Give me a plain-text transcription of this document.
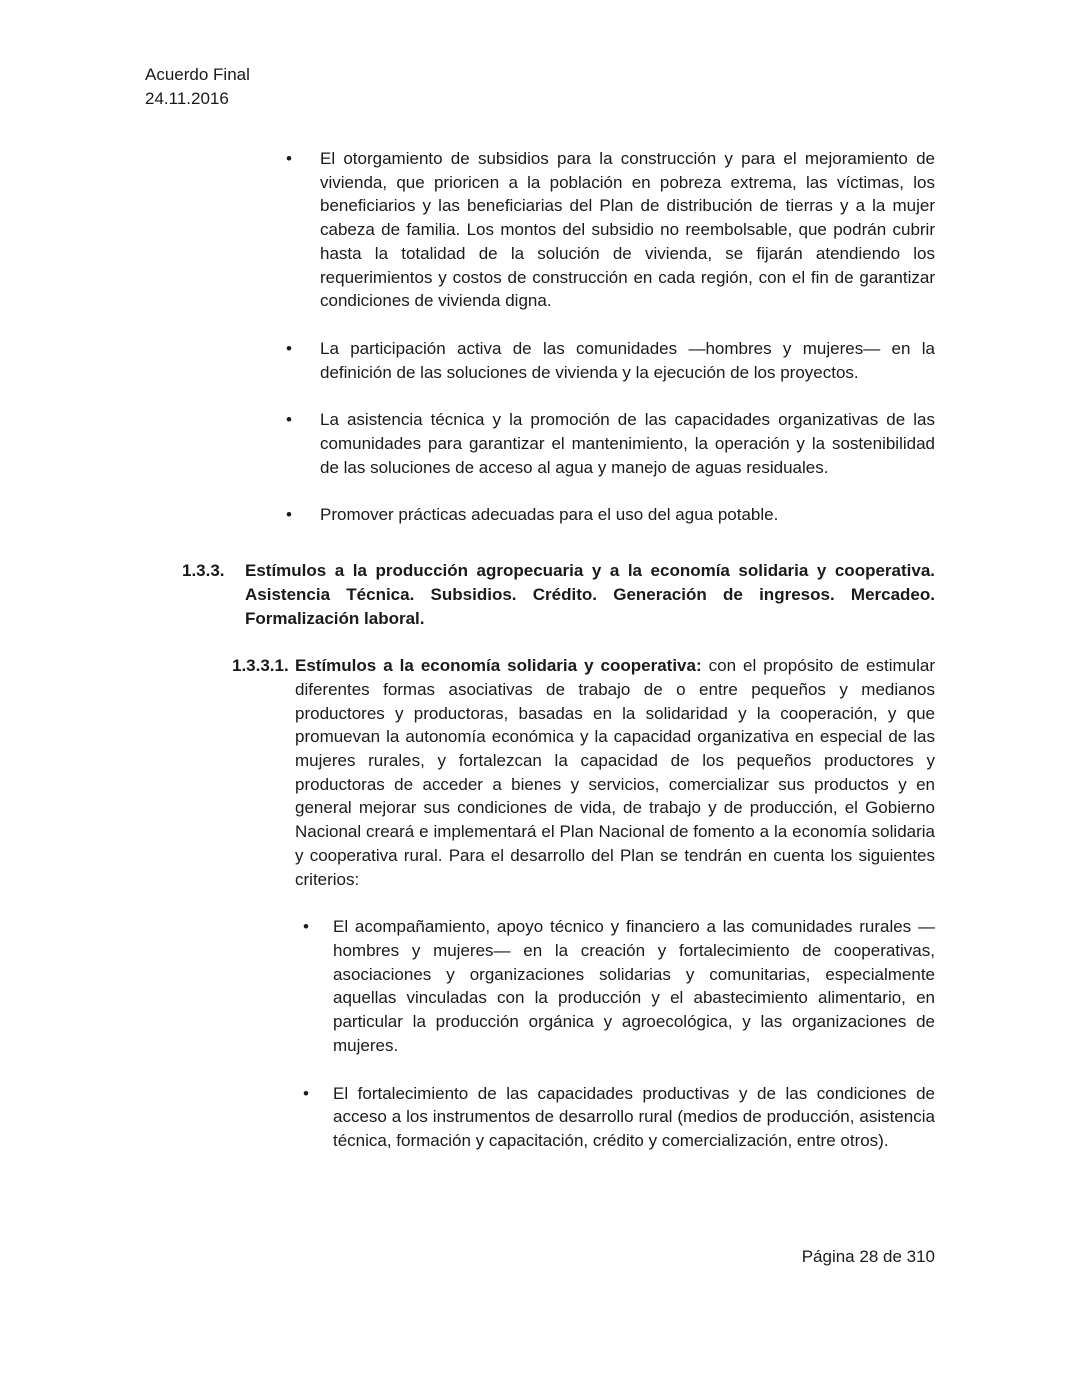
Acuerdo Final
24.11.2016
• El otorgamiento de subsidios para la construcción y para el mejoramiento de vivienda, que prioricen a la población en pobreza extrema, las víctimas, los beneficiarios y las beneficiarias del Plan de distribución de tierras y a la mujer cabeza de familia. Los montos del subsidio no reembolsable, que podrán cubrir hasta la totalidad de la solución de vivienda, se fijarán atendiendo los requerimientos y costos de construcción en cada región, con el fin de garantizar condiciones de vivienda digna.
• La participación activa de las comunidades —hombres y mujeres— en la definición de las soluciones de vivienda y la ejecución de los proyectos.
• La asistencia técnica y la promoción de las capacidades organizativas de las comunidades para garantizar el mantenimiento, la operación y la sostenibilidad de las soluciones de acceso al agua y manejo de aguas residuales.
• Promover prácticas adecuadas para el uso del agua potable.
1.3.3. Estímulos a la producción agropecuaria y a la economía solidaria y cooperativa. Asistencia Técnica. Subsidios. Crédito. Generación de ingresos. Mercadeo. Formalización laboral.
1.3.3.1. Estímulos a la economía solidaria y cooperativa: con el propósito de estimular diferentes formas asociativas de trabajo de o entre pequeños y medianos productores y productoras, basadas en la solidaridad y la cooperación, y que promuevan la autonomía económica y la capacidad organizativa en especial de las mujeres rurales, y fortalezcan la capacidad de los pequeños productores y productoras de acceder a bienes y servicios, comercializar sus productos y en general mejorar sus condiciones de vida, de trabajo y de producción, el Gobierno Nacional creará e implementará el Plan Nacional de fomento a la economía solidaria y cooperativa rural. Para el desarrollo del Plan se tendrán en cuenta los siguientes criterios:
• El acompañamiento, apoyo técnico y financiero a las comunidades rurales —hombres y mujeres— en la creación y fortalecimiento de cooperativas, asociaciones y organizaciones solidarias y comunitarias, especialmente aquellas vinculadas con la producción y el abastecimiento alimentario, en particular la producción orgánica y agroecológica, y las organizaciones de mujeres.
• El fortalecimiento de las capacidades productivas y de las condiciones de acceso a los instrumentos de desarrollo rural (medios de producción, asistencia técnica, formación y capacitación, crédito y comercialización, entre otros).
Página 28 de 310
